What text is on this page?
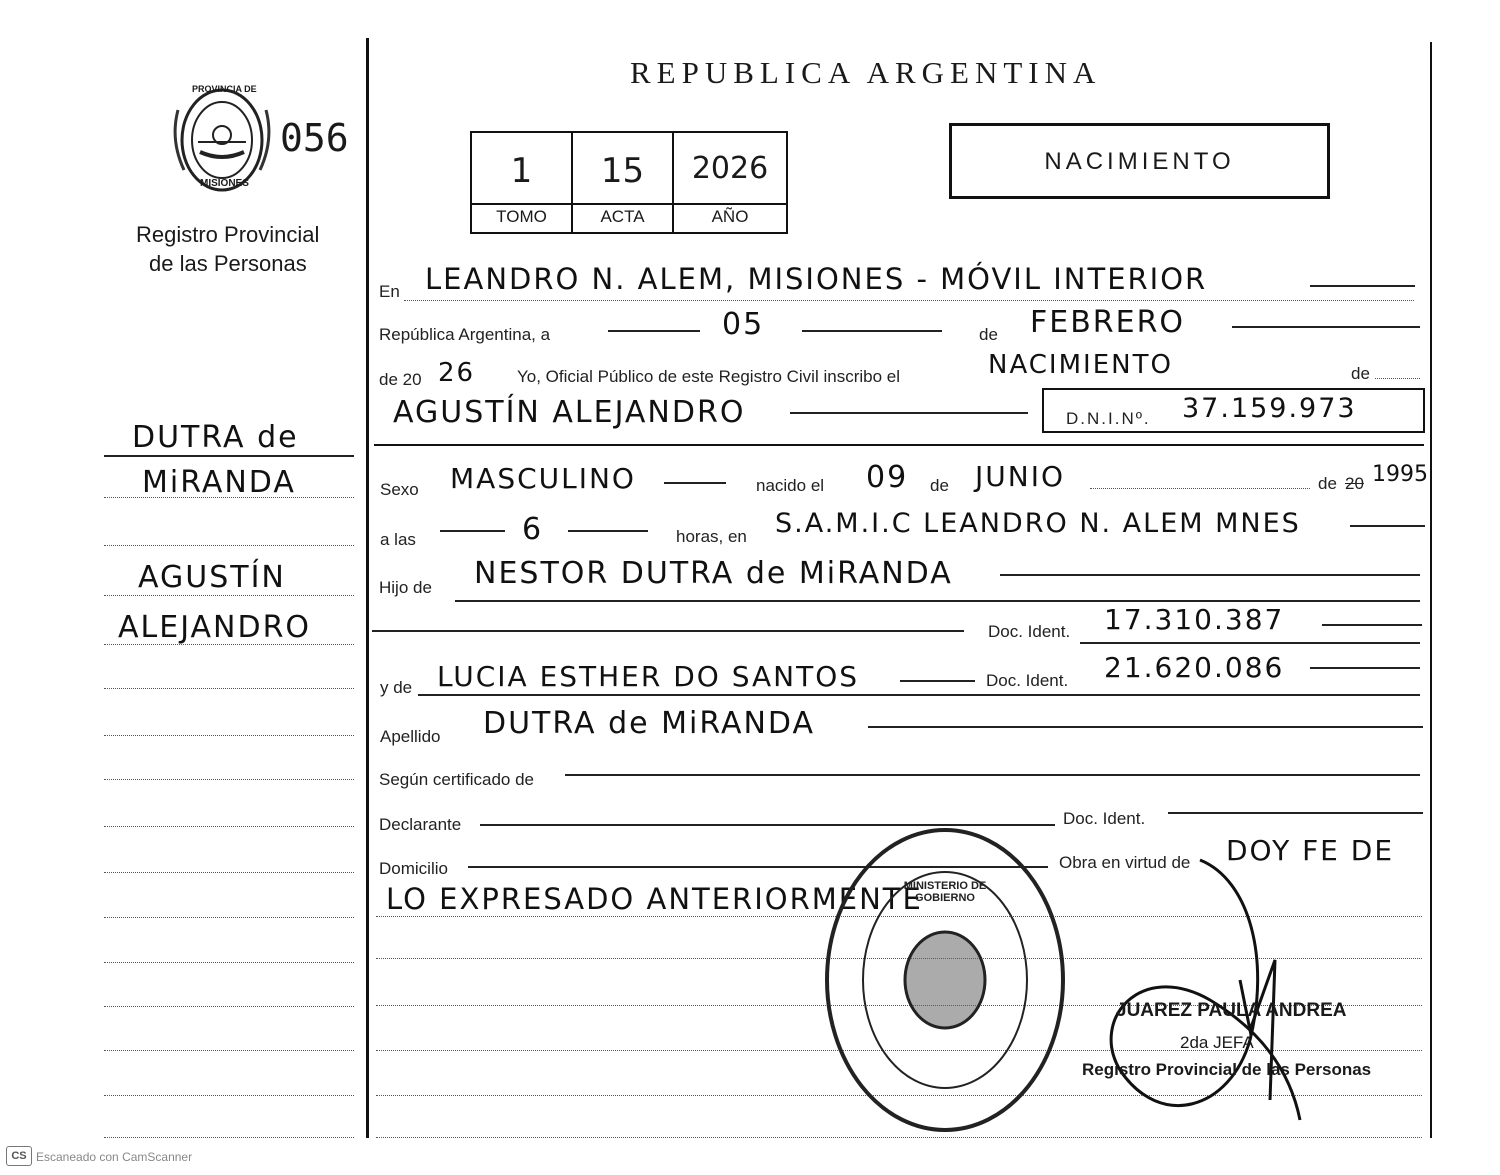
REPUBLICA ARGENTINA
PROVINCIA DE
MISIONES
056
Registro Provincial
de las Personas
1	15	2026
TOMO	ACTA	AÑO
NACIMIENTO
DUTRA de
MiRANDA
AGUSTÍN
ALEJANDRO
En LEANDRO N. ALEM, MISIONES - MÓVIL INTERIOR
República Argentina, a	05	de FEBRERO
de 20 26 Yo, Oficial Público de este Registro Civil inscribo el	NACIMIENTO	de
AGUSTÍN ALEJANDRO	D.N.I.Nº. 37.159.973
Sexo MASCULINO	nacido el 09 de JUNIO	de 20 1995
a las	6	horas, en S.A.M.I.C LEANDRO N. ALEM MNES
Hijo de NESTOR DUTRA de MiRANDA
Doc. Ident. 17.310.387
y de LUCIA ESTHER DO SANTOS	Doc. Ident. 21.620.086
Apellido DUTRA de MiRANDA
Según certificado de
Declarante	Doc. Ident.
Domicilio	Obra en virtud de DOY FE DE
LO EXPRESADO ANTERIORMENTE
MINISTERIO DE GOBIERNO
JUAREZ PAULA ANDREA
2da JEFA
Registro Provincial de las Personas
CS Escaneado con CamScanner
